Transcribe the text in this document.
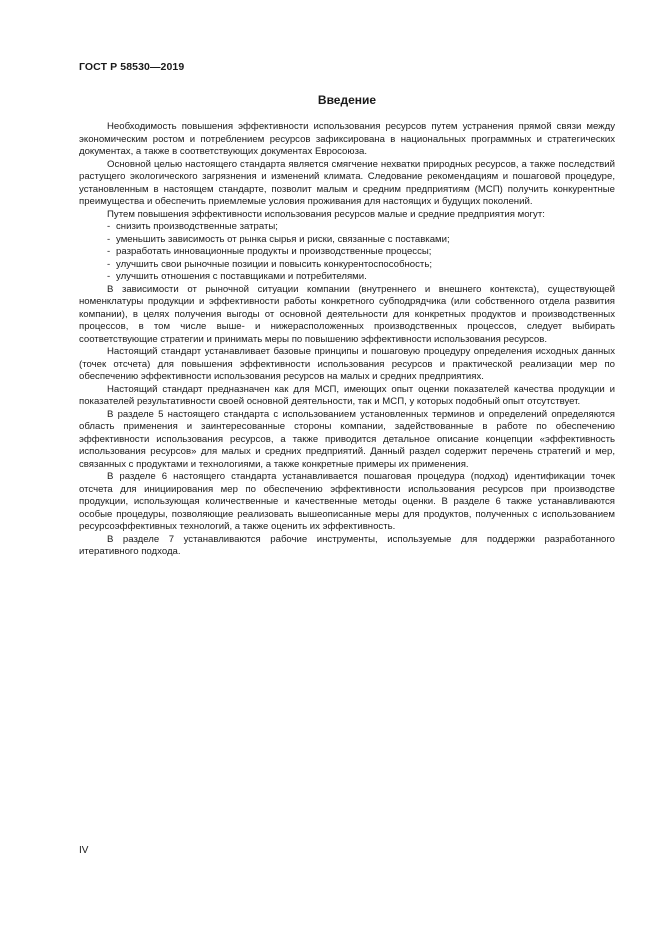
ГОСТ Р 58530—2019
Введение

Необходимость повышения эффективности использования ресурсов путем устранения прямой связи между экономическим ростом и потреблением ресурсов зафиксирована в национальных программных и стратегических документах, а также в соответствующих документах Евросоюза.

Основной целью настоящего стандарта является смягчение нехватки природных ресурсов, а также последствий растущего экологического загрязнения и изменений климата. Следование рекомендациям и пошаговой процедуре, установленным в настоящем стандарте, позволит малым и средним предприятиям (МСП) получить конкурентные преимущества и обеспечить приемлемые условия проживания для настоящих и будущих поколений.

Путем повышения эффективности использования ресурсов малые и средние предприятия могут:

- снизить производственные затраты;
- уменьшить зависимость от рынка сырья и риски, связанные с поставками;
- разработать инновационные продукты и производственные процессы;
- улучшить свои рыночные позиции и повысить конкурентоспособность;
- улучшить отношения с поставщиками и потребителями.

В зависимости от рыночной ситуации компании (внутреннего и внешнего контекста), существующей номенклатуры продукции и эффективности работы конкретного субподрядчика (или собственного отдела развития компании), в целях получения выгоды от основной деятельности для конкретных продуктов и производственных процессов, в том числе выше- и нижерасположенных производственных процессов, следует выбирать соответствующие стратегии и принимать меры по повышению эффективности использования ресурсов.

Настоящий стандарт устанавливает базовые принципы и пошаговую процедуру определения исходных данных (точек отсчета) для повышения эффективности использования ресурсов и практической реализации мер по обеспечению эффективности использования ресурсов на малых и средних предприятиях.

Настоящий стандарт предназначен как для МСП, имеющих опыт оценки показателей качества продукции и показателей результативности своей основной деятельности, так и МСП, у которых подобный опыт отсутствует.

В разделе 5 настоящего стандарта с использованием установленных терминов и определений определяются область применения и заинтересованные стороны компании, задействованные в работе по обеспечению эффективности использования ресурсов, а также приводится детальное описание концепции «эффективность использования ресурсов» для малых и средних предприятий. Данный раздел содержит перечень стратегий и мер, связанных с продуктами и технологиями, а также конкретные примеры их применения.

В разделе 6 настоящего стандарта устанавливается пошаговая процедура (подход) идентификации точек отсчета для инициирования мер по обеспечению эффективности использования ресурсов при производстве продукции, использующая количественные и качественные методы оценки. В разделе 6 также устанавливаются особые процедуры, позволяющие реализовать вышеописанные меры для продуктов, полученных с использованием ресурсоэффективных технологий, а также оценить их эффективность.

В разделе 7 устанавливаются рабочие инструменты, используемые для поддержки разработанного итеративного подхода.

IV
